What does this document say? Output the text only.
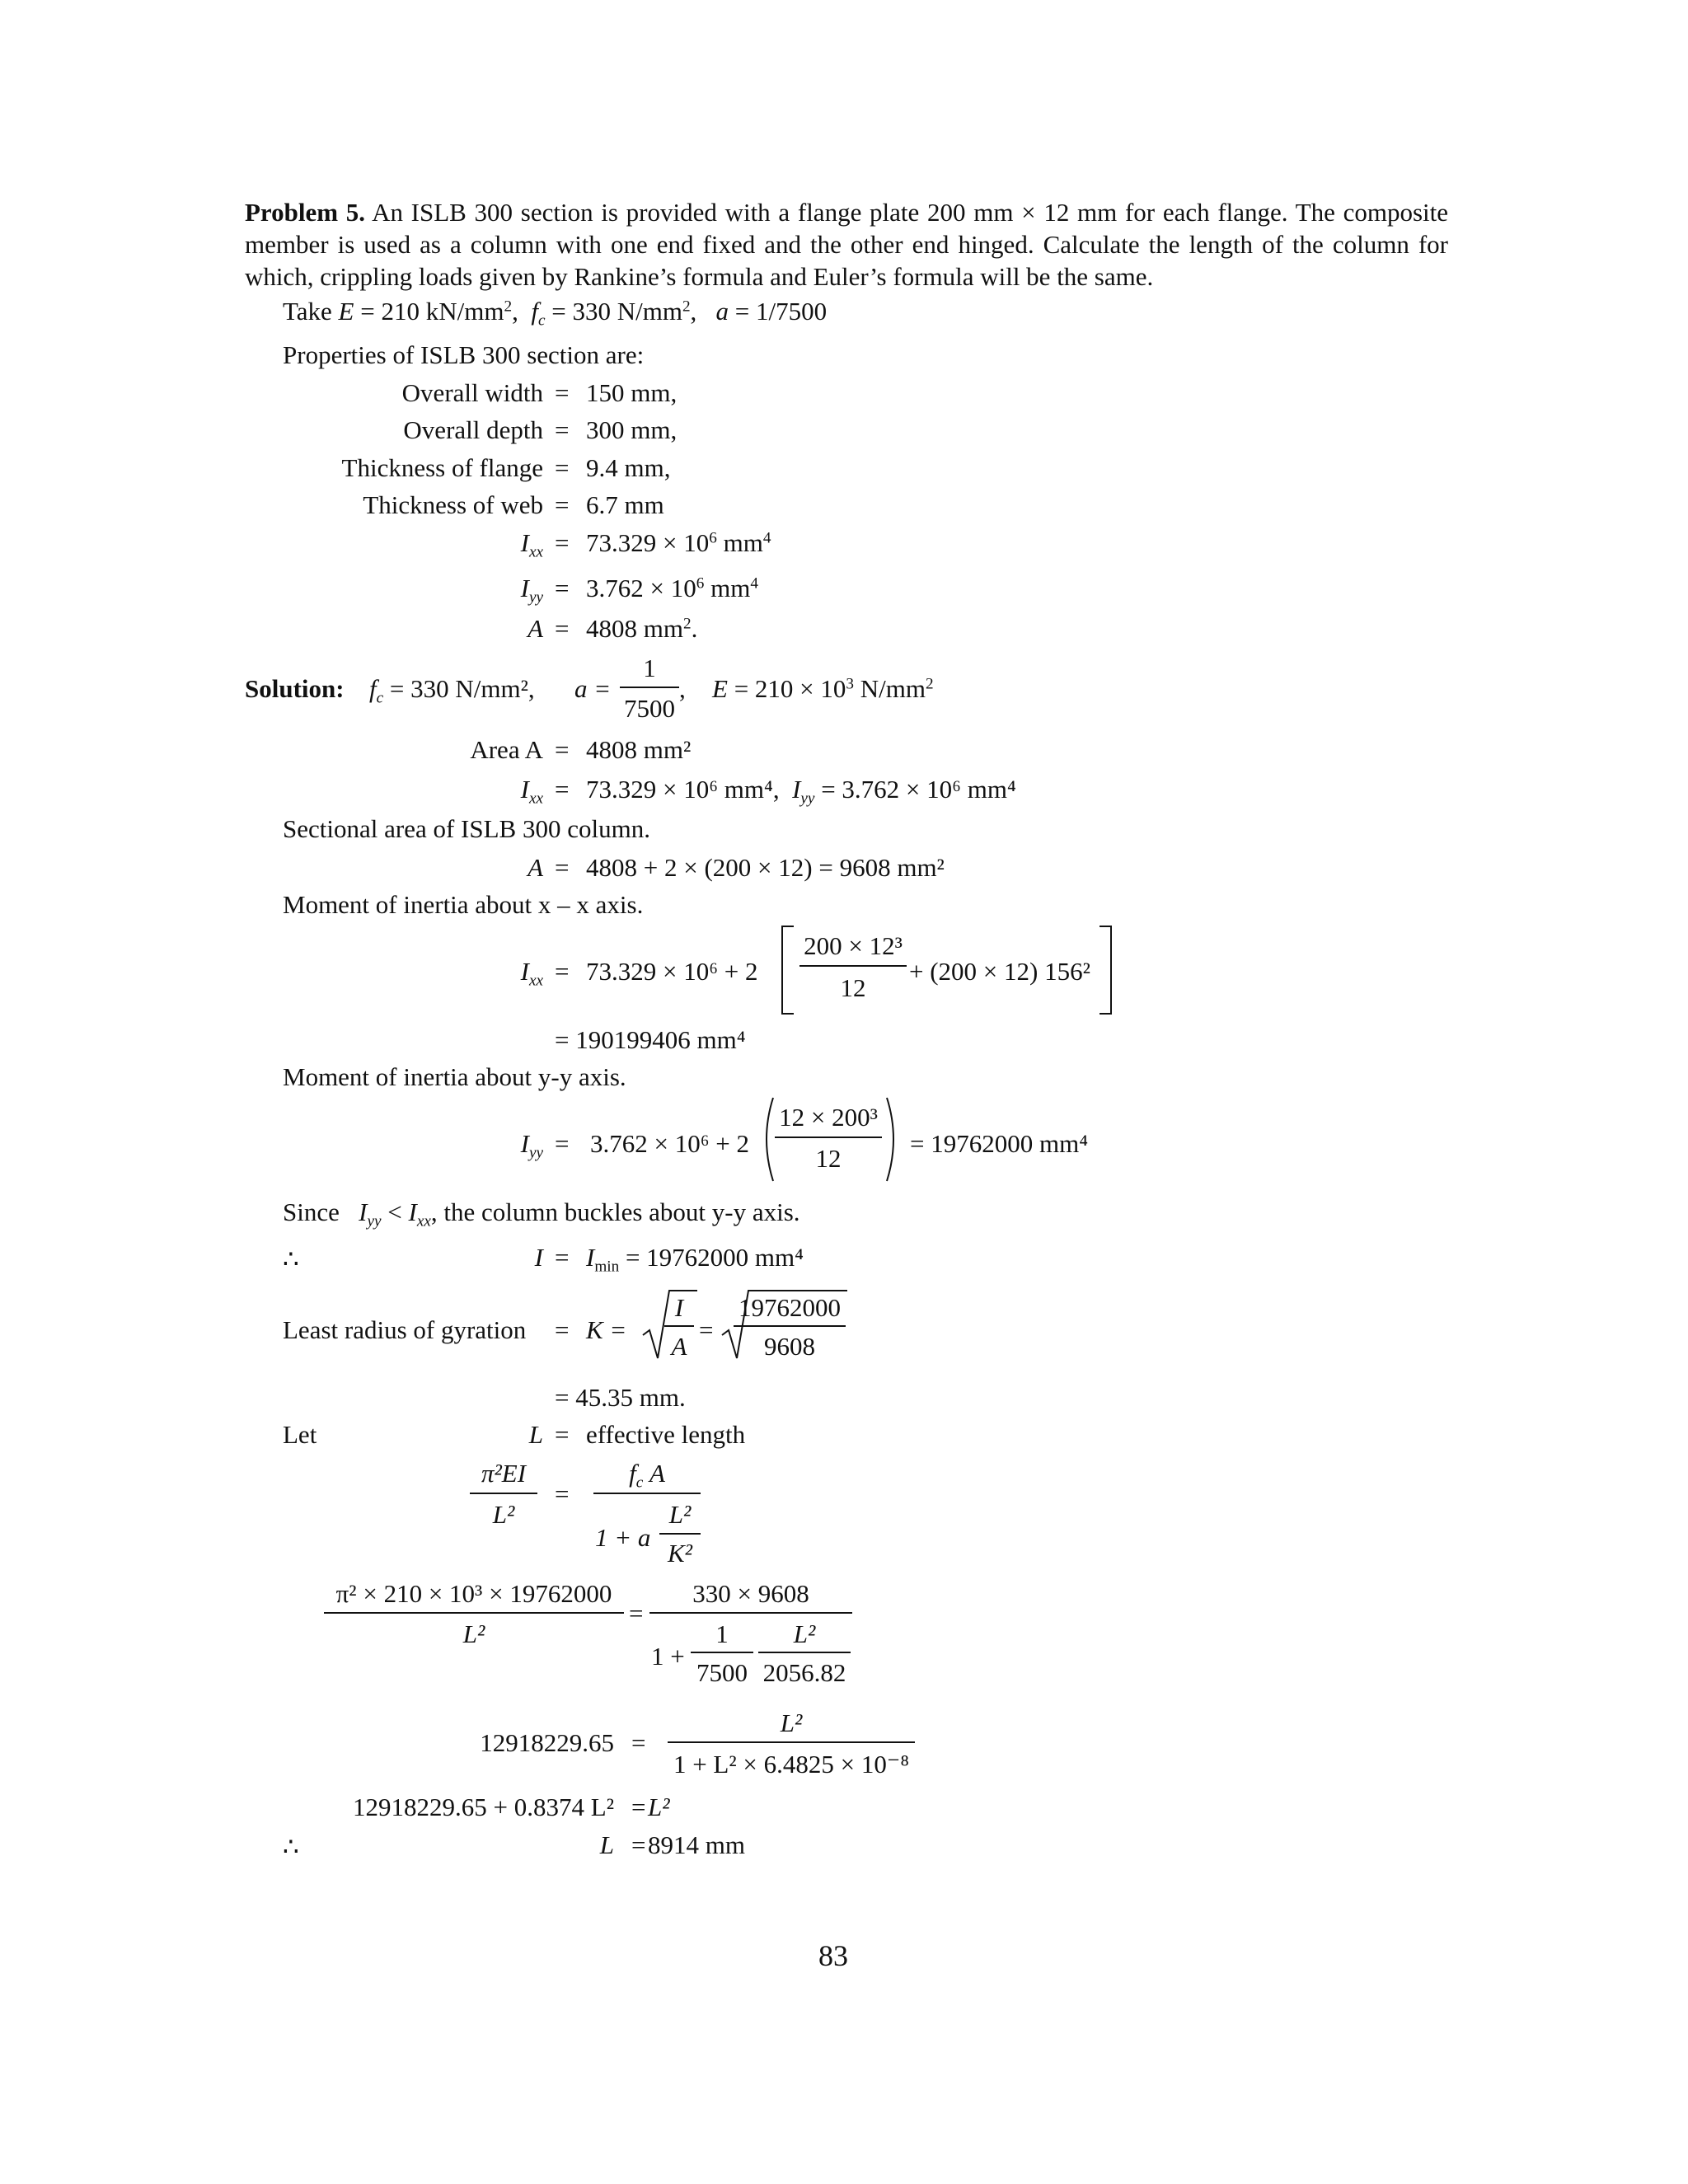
Problem 5. An ISLB 300 section is provided with a flange plate 200 mm × 12 mm for each flange. The composite member is used as a column with one end fixed and the other end hinged. Calculate the length of the column for which, crippling loads given by Rankine’s formula and Euler’s formula will be the same.
Take E = 210 $kN/mm^2$,  $f_c = 330$ $N/mm^2$,   a = 1/7500
Properties of ISLB 300 section are:
Overall width = 150 mm,
Overall depth = 300 mm,
Thickness of flange = 9.4 mm,
Thickness of web = 6.7 mm
$I_{xx} = 73.329 \times 10^6$ $mm^4$
$I_{yy} = 3.762 \times 10^6$ $mm^4$
A = 4808 $mm^2$.
Solution: $f_c = 330$ N/mm², a =
1
7500
, $E = 210 \times 10^3$ $N/mm^2$
Area A = 4808 mm²
$I_{xx} = 73.329 \times 10^6$ mm⁴, $I_{yy} = 3.762 \times 10^6$ mm⁴
Sectional area of ISLB 300 column.
A = 4808 + 2 × (200 × 12) = 9608 mm²
Moment of inertia about x – x axis.
$I_{xx} = 73.329 \times 10^6 + 2$
200 × 12³
12
+ (200 × 12) 156²
= 190199406 mm⁴
Moment of inertia about y-y axis.
$I_{yy} = 3.762 \times 10^6 + 2$
12 × 200³
12
= 19762000 mm⁴
Since $I_{yy} < I_{xx}$, the column buckles about y-y axis.
∴	$I = I_{min} = 19762000$ mm⁴
Least radius of gyration = K =
I
A
=
19762000
9608
= 45.35 mm.
Let	L = effective length
π²EI
L²
=
$f_c$ A
1 + a
L²
K²
π² × 210 × 10³ × 19762000
L²
=
330 × 9608
1 +
1
7500
L²
2056.82
12918229.65 =
L²
1 + L² × 6.4825 × 10⁻⁸
12918229.65 + 0.8374 L² = L²
∴	L = 8914 mm
83
